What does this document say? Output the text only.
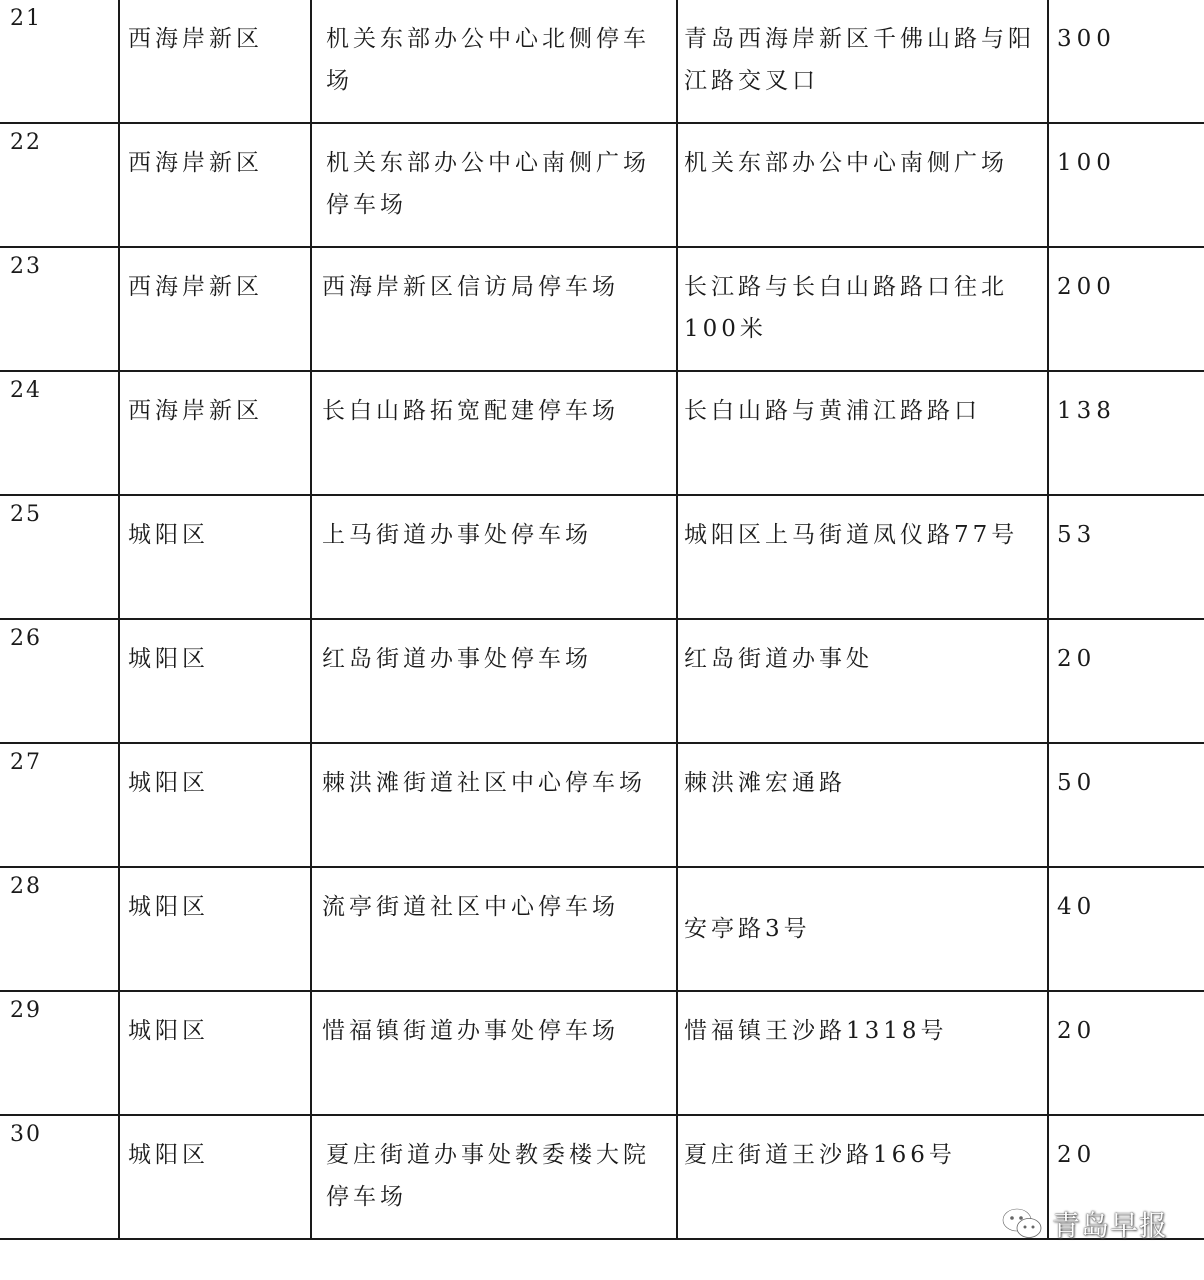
21	西海岸新区	机关东部办公中心北侧停车场	青岛西海岸新区千佛山路与阳江路交叉口	300

22	西海岸新区	机关东部办公中心南侧广场停车场	机关东部办公中心南侧广场	100

23	西海岸新区	西海岸新区信访局停车场	长江路与长白山路路口往北100米	200

24	西海岸新区	长白山路拓宽配建停车场	长白山路与黄浦江路路口	138

25	城阳区	上马街道办事处停车场	城阳区上马街道凤仪路77号	53

26	城阳区	红岛街道办事处停车场	红岛街道办事处	20

27	城阳区	棘洪滩街道社区中心停车场	棘洪滩宏通路	50

28	城阳区	流亭街道社区中心停车场	安亭路3号	40

29	城阳区	惜福镇街道办事处停车场	惜福镇王沙路1318号	20

30	城阳区	夏庄街道办事处教委楼大院停车场	夏庄街道王沙路166号	20
青岛早报
